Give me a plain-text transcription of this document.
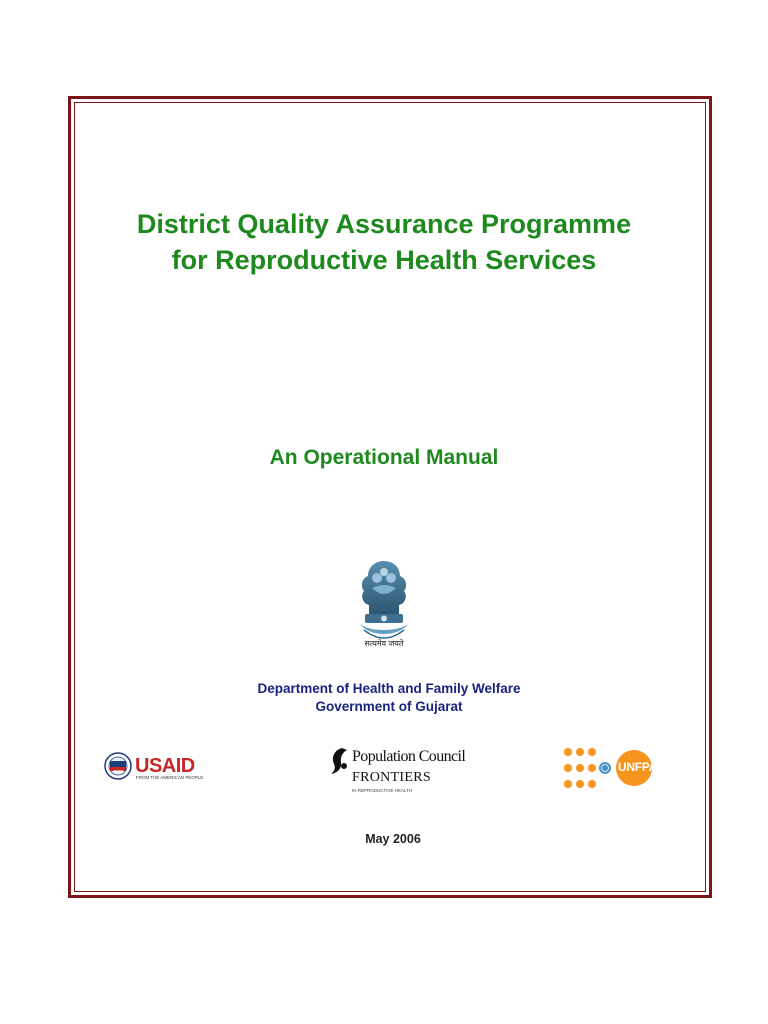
District Quality Assurance Programme
for Reproductive Health Services
An Operational Manual
सत्यमेव जयते
Department of Health and Family Welfare
Government of Gujarat
USAID
FROM THE AMERICAN PEOPLE
Population Council
FRONTIERS
IN REPRODUCTIVE HEALTH
UNFPA
May 2006
